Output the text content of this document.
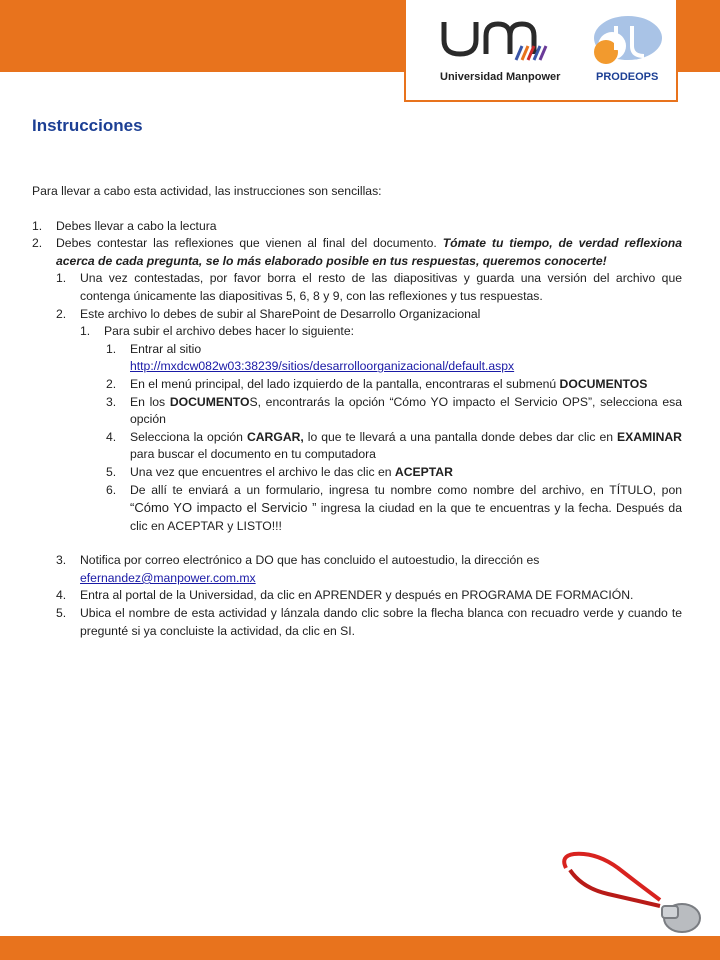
Universidad Manpower	PRODEOPS
Instrucciones

Para llevar a cabo esta actividad, las instrucciones son sencillas:

1. Debes llevar a cabo la lectura
2. Debes contestar las reflexiones que vienen al final del documento. Tómate tu tiempo, de verdad reflexiona acerca de cada pregunta, se lo más elaborado posible en tus respuestas, queremos conocerte!
1. Una vez contestadas, por favor borra el resto de las diapositivas y guarda una versión del archivo que contenga únicamente las diapositivas 5, 6, 8 y 9, con las reflexiones y tus respuestas.
2. Este archivo lo debes de subir al SharePoint de Desarrollo Organizacional
1. Para subir el archivo debes hacer lo siguiente:
1. Entrar al sitio
http://mxdcw082w03:38239/sitios/desarrolloorganizacional/default.aspx
2. En el menú principal, del lado izquierdo de la pantalla, encontraras el submenú DOCUMENTOS
3. En los DOCUMENTOS, encontrarás la opción “Cómo YO impacto el Servicio OPS”, selecciona esa opción
4. Selecciona la opción CARGAR, lo que te llevará a una pantalla donde debes dar clic en EXAMINAR para buscar el documento en tu computadora
5. Una vez que encuentres el archivo le das clic en ACEPTAR
6. De allí te enviará a un formulario, ingresa tu nombre como nombre del archivo, en TÍTULO, pon “Cómo YO impacto el Servicio ” ingresa la ciudad en la que te encuentras y la fecha. Después da clic en ACEPTAR y LISTO!!!
3. Notifica por correo electrónico a DO que has concluido el autoestudio, la dirección es
efernandez@manpower.com.mx
4. Entra al portal de la Universidad, da clic en APRENDER y después en PROGRAMA DE FORMACIÓN.
5. Ubica el nombre de esta actividad y lánzala dando clic sobre la flecha blanca con recuadro verde y cuando te pregunté si ya concluiste la actividad, da clic en SI.
